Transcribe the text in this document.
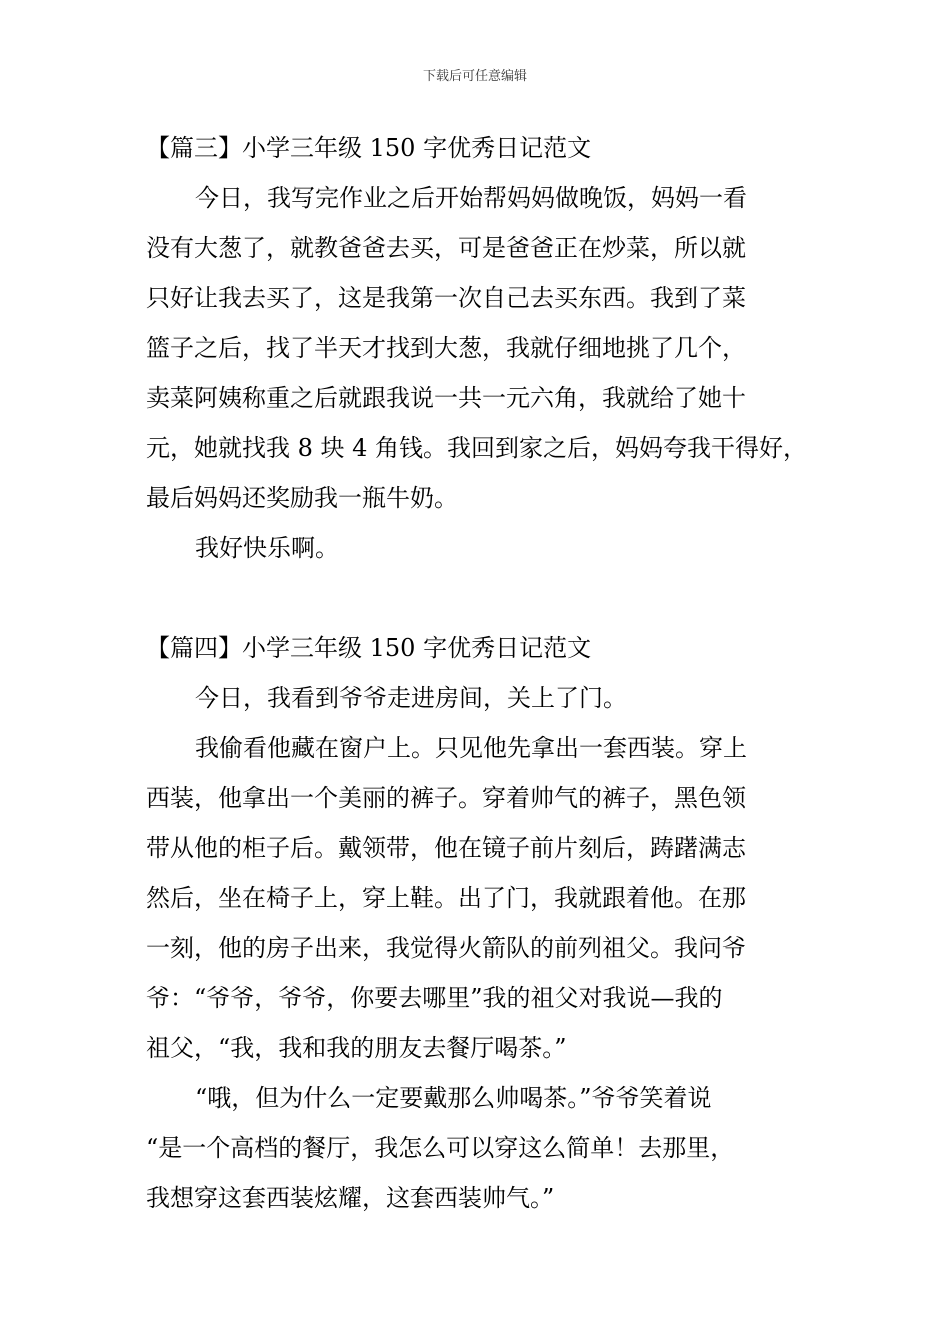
下载后可任意编辑
【篇三】小学三年级 150 字优秀日记范文
今日，我写完作业之后开始帮妈妈做晚饭，妈妈一看
没有大葱了，就教爸爸去买，可是爸爸正在炒菜，所以就
只好让我去买了，这是我第一次自己去买东西。我到了菜
篮子之后，找了半天才找到大葱，我就仔细地挑了几个，
卖菜阿姨称重之后就跟我说一共一元六角，我就给了她十
元，她就找我 8 块 4 角钱。我回到家之后，妈妈夸我干得好，
最后妈妈还奖励我一瓶牛奶。
我好快乐啊。
【篇四】小学三年级 150 字优秀日记范文
今日，我看到爷爷走进房间，关上了门。
我偷看他藏在窗户上。只见他先拿出一套西装。穿上
西装，他拿出一个美丽的裤子。穿着帅气的裤子，黑色领
带从他的柜子后。戴领带，他在镜子前片刻后，踌躇满志
然后，坐在椅子上，穿上鞋。出了门，我就跟着他。在那
一刻，他的房子出来，我觉得火箭队的前列祖父。我问爷
爷：“爷爷，爷爷，你要去哪里”我的祖父对我说—我的
祖父，“我，我和我的朋友去餐厅喝茶。”
“哦，但为什么一定要戴那么帅喝茶。”爷爷笑着说
“是一个高档的餐厅，我怎么可以穿这么简单！去那里，
我想穿这套西装炫耀，这套西装帅气。”
